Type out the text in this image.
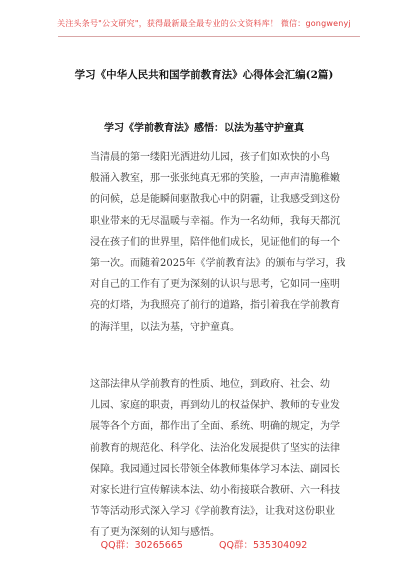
关注头条号"公文研究"，获得最新最全最专业的公文资料库！ 微信：gongwenyj
学习《中华人民共和国学前教育法》心得体会汇编(2篇)
学习《学前教育法》感悟：以法为基守护童真
当清晨的第一缕阳光洒进幼儿园，孩子们如欢快的小鸟
般涌入教室，那一张张纯真无邪的笑脸，一声声清脆稚嫩
的问候，总是能瞬间驱散我心中的阴霾，让我感受到这份
职业带来的无尽温暖与幸福。作为一名幼师，我每天都沉
浸在孩子们的世界里，陪伴他们成长，见证他们的每一个
第一次。而随着2025年《学前教育法》的颁布与学习，我
对自己的工作有了更为深刻的认识与思考，它如同一座明
亮的灯塔，为我照亮了前行的道路，指引着我在学前教育
的海洋里，以法为基，守护童真。
这部法律从学前教育的性质、地位，到政府、社会、幼
儿园、家庭的职责，再到幼儿的权益保护、教师的专业发
展等各个方面，都作出了全面、系统、明确的规定，为学
前教育的规范化、科学化、法治化发展提供了坚实的法律
保障。我园通过园长带领全体教师集体学习本法、副园长
对家长进行宣传解读本法、幼小衔接联合教研、六一科技
节等活动形式深入学习《学前教育法》，让我对这份职业
有了更为深刻的认知与感悟。
QQ群：30265665	QQ群：535304092
